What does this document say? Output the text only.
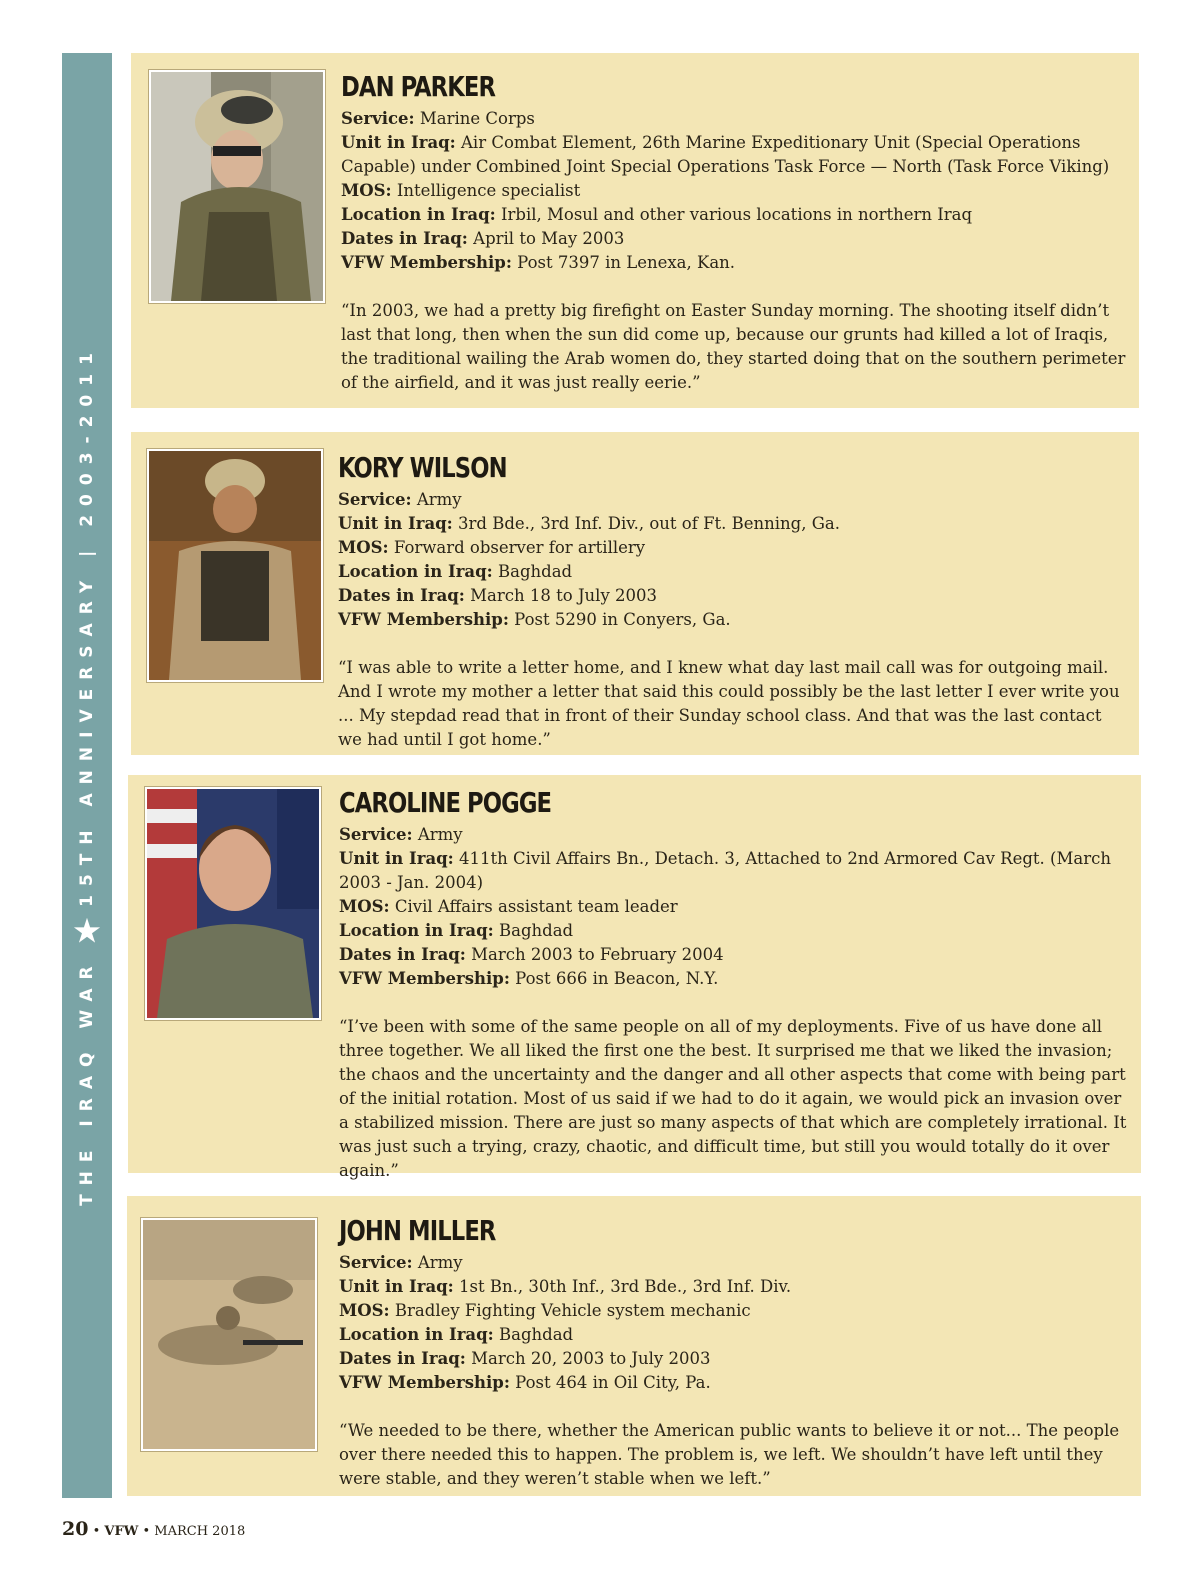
THE IRAQ WAR
★
15TH ANNIVERSARY | 2003-2011
DAN PARKER

Service: Marine Corps

Unit in Iraq: Air Combat Element, 26th Marine Expeditionary Unit (Special Operations Capable) under Combined Joint Special Operations Task Force — North (Task Force Viking)

MOS: Intelligence specialist

Location in Iraq: Irbil, Mosul and other various locations in northern Iraq

Dates in Iraq: April to May 2003

VFW Membership: Post 7397 in Lenexa, Kan.

“In 2003, we had a pretty big firefight on Easter Sunday morning. The shooting itself didn’t last that long, then when the sun did come up, because our grunts had killed a lot of Iraqis, the traditional wailing the Arab women do, they started doing that on the southern perimeter of the airfield, and it was just really eerie.”

KORY WILSON

Service: Army

Unit in Iraq: 3rd Bde., 3rd Inf. Div., out of Ft. Benning, Ga.

MOS: Forward observer for artillery

Location in Iraq: Baghdad

Dates in Iraq: March 18 to July 2003

VFW Membership: Post 5290 in Conyers, Ga.

“I was able to write a letter home, and I knew what day last mail call was for outgoing mail. And I wrote my mother a letter that said this could possibly be the last letter I ever write you ... My stepdad read that in front of their Sunday school class. And that was the last contact we had until I got home.”

CAROLINE POGGE

Service: Army

Unit in Iraq: 411th Civil Affairs Bn., Detach. 3, Attached to 2nd Armored Cav Regt. (March 2003 - Jan. 2004)

MOS: Civil Affairs assistant team leader

Location in Iraq: Baghdad

Dates in Iraq: March 2003 to February 2004

VFW Membership: Post 666 in Beacon, N.Y.

“I’ve been with some of the same people on all of my deployments. Five of us have done all three together. We all liked the first one the best. It surprised me that we liked the invasion; the chaos and the uncertainty and the danger and all other aspects that come with being part of the initial rotation. Most of us said if we had to do it again, we would pick an invasion over a stabilized mission. There are just so many aspects of that which are completely irrational. It was just such a trying, crazy, chaotic, and difficult time, but still you would totally do it over again.”

JOHN MILLER

Service: Army

Unit in Iraq: 1st Bn., 30th Inf., 3rd Bde., 3rd Inf. Div.

MOS: Bradley Fighting Vehicle system mechanic

Location in Iraq: Baghdad

Dates in Iraq: March 20, 2003 to July 2003

VFW Membership: Post 464 in Oil City, Pa.

“We needed to be there, whether the American public wants to believe it or not... The people over there needed this to happen. The problem is, we left. We shouldn’t have left until they were stable, and they weren’t stable when we left.”

20 • VFW • MARCH 2018
